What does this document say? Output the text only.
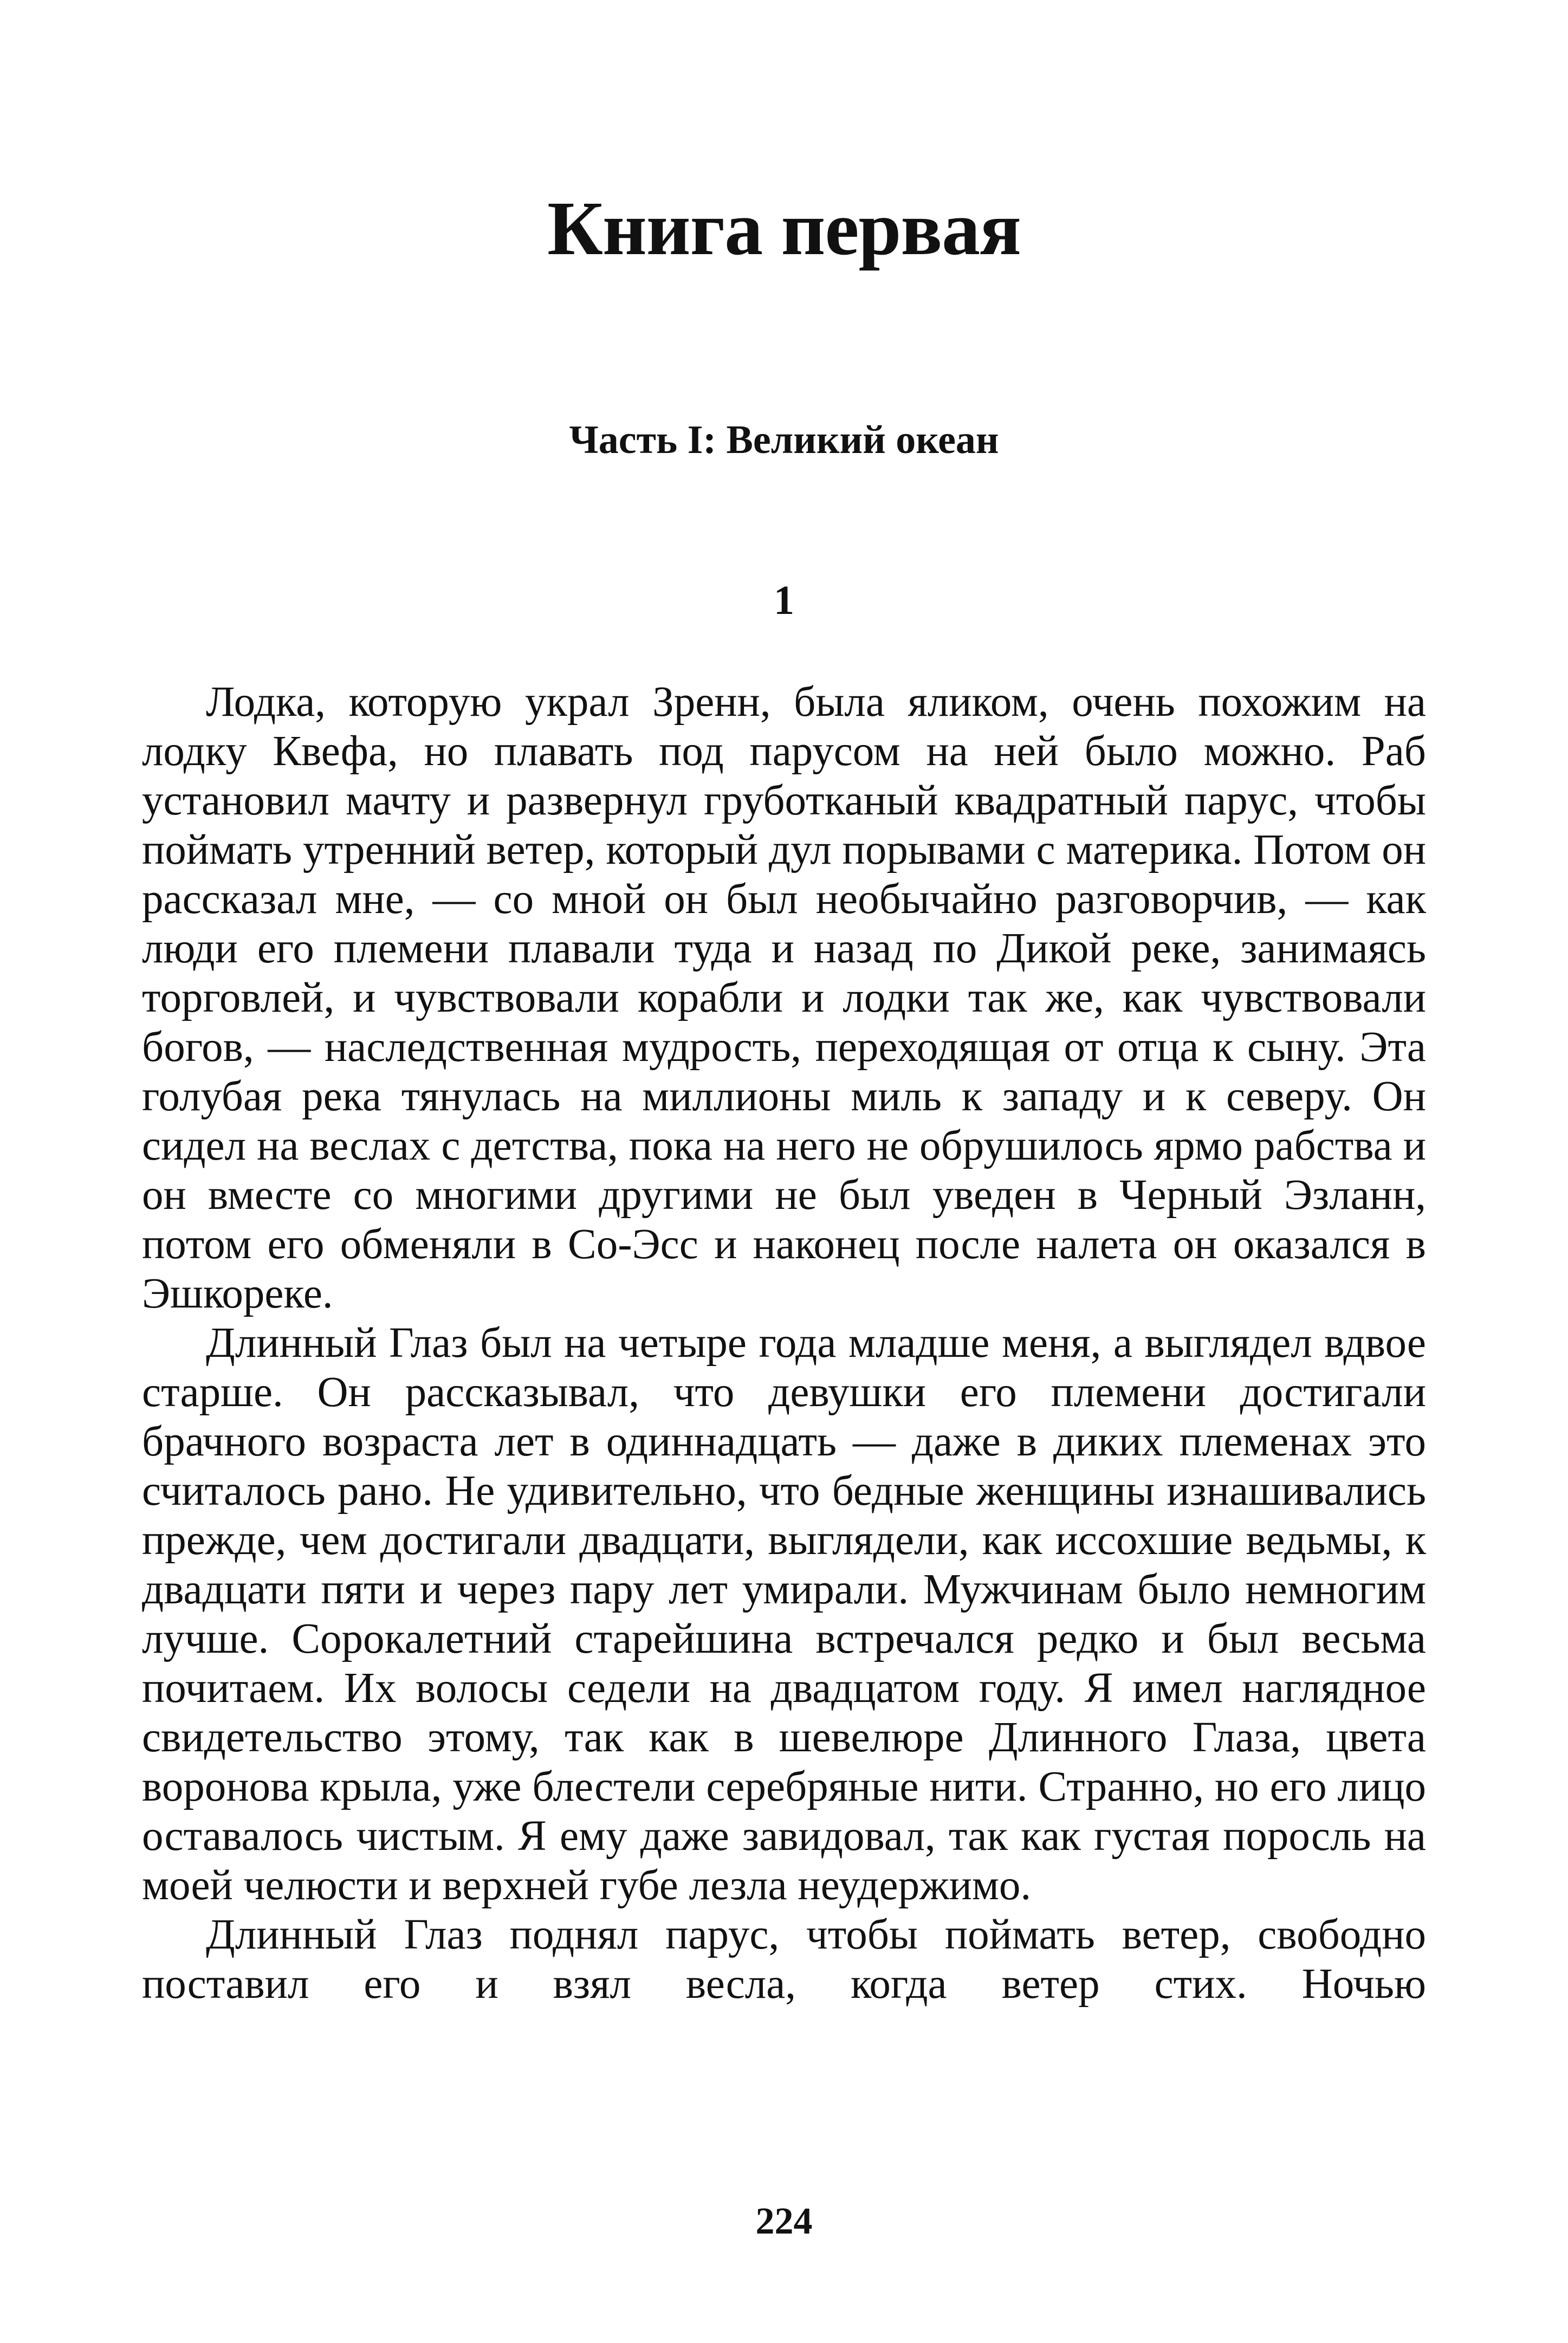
Книга первая
Часть I: Великий океан
1

Лодка, которую украл Зренн, была яликом, очень похожим на лодку Квефа, но плавать под парусом на ней было можно. Раб установил мачту и развернул груботканый квадратный парус, чтобы поймать утренний ветер, который дул порывами с материка. Потом он рассказал мне, — со мной он был необычайно разговорчив, — как люди его племени плавали туда и назад по Дикой реке, занимаясь торговлей, и чувствовали корабли и лодки так же, как чувствовали богов, — наследственная мудрость, переходящая от отца к сыну. Эта голубая река тянулась на миллионы миль к западу и к северу. Он сидел на веслах с детства, пока на него не обрушилось ярмо рабства и он вместе со многими другими не был уведен в Черный Эзланн, потом его обменяли в Со-Эсс и наконец после налета он оказался в Эшкореке.

Длинный Глаз был на четыре года младше меня, а выглядел вдвое старше. Он рассказывал, что девушки его племени достигали брачного возраста лет в одиннадцать — даже в диких племенах это считалось рано. Не удивительно, что бедные женщины изнашивались прежде, чем достигали двадцати, выглядели, как иссохшие ведьмы, к двадцати пяти и через пару лет умирали. Мужчинам было немногим лучше. Сорокалетний старейшина встречался редко и был весьма почитаем. Их волосы седели на двадцатом году. Я имел наглядное свидетельство этому, так как в шевелюре Длинного Глаза, цвета воронова крыла, уже блестели серебряные нити. Странно, но его лицо оставалось чистым. Я ему даже завидовал, так как густая поросль на моей челюсти и верхней губе лезла неудержимо.

Длинный Глаз поднял парус, чтобы поймать ветер, свободно поставил его и взял весла, когда ветер стих. Ночью

224
